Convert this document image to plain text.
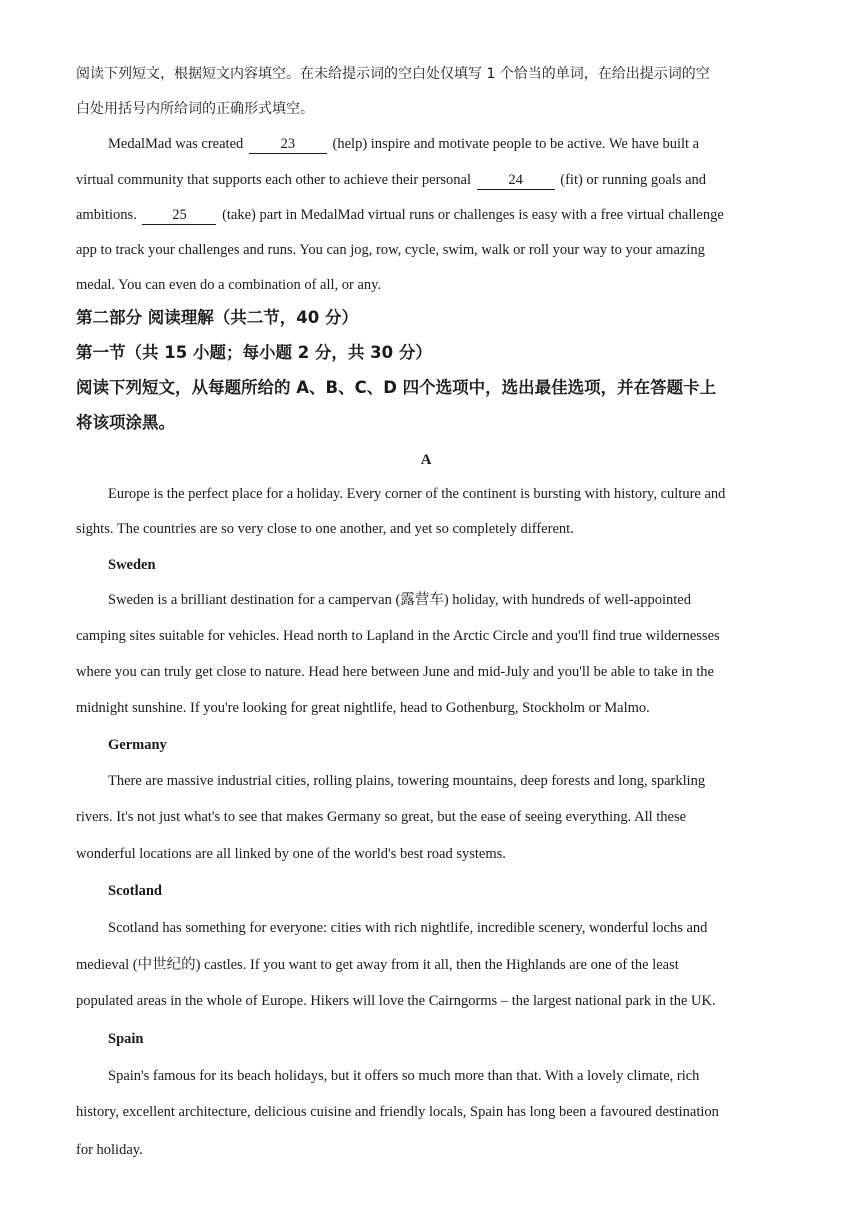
阅读下列短文，根据短文内容填空。在未给提示词的空白处仅填写 1 个恰当的单词，在给出提示词的空
白处用括号内所给词的正确形式填空。
MedalMad was created	23	(help) inspire and motivate people to be active. We have built a
virtual community that supports each other to achieve their personal	24	(fit) or running goals and
ambitions. 25 (take) part in MedalMad virtual runs or challenges is easy with a free virtual challenge
app to track your challenges and runs. You can jog, row, cycle, swim, walk or roll your way to your amazing
medal. You can even do a combination of all, or any.
第二部分 阅读理解（共二节，40 分）
第一节（共 15 小题；每小题 2 分，共 30 分）
阅读下列短文，从每题所给的 A、B、C、D 四个选项中，选出最佳选项，并在答题卡上
将该项涂黑。
A
Europe is the perfect place for a holiday. Every corner of the continent is bursting with history, culture and
sights. The countries are so very close to one another, and yet so completely different.
Sweden
Sweden is a brilliant destination for a campervan (露营车) holiday, with hundreds of well-appointed
camping sites suitable for vehicles. Head north to Lapland in the Arctic Circle and you'll find true wildernesses
where you can truly get close to nature. Head here between June and mid-July and you'll be able to take in the
midnight sunshine. If you're looking for great nightlife, head to Gothenburg, Stockholm or Malmo.
Germany
There are massive industrial cities, rolling plains, towering mountains, deep forests and long, sparkling
rivers. It's not just what's to see that makes Germany so great, but the ease of seeing everything. All these
wonderful locations are all linked by one of the world's best road systems.
Scotland
Scotland has something for everyone: cities with rich nightlife, incredible scenery, wonderful lochs and
medieval (中世纪的) castles. If you want to get away from it all, then the Highlands are one of the least
populated areas in the whole of Europe. Hikers will love the Cairngorms – the largest national park in the UK.
Spain
Spain's famous for its beach holidays, but it offers so much more than that. With a lovely climate, rich
history, excellent architecture, delicious cuisine and friendly locals, Spain has long been a favoured destination
for holiday.
